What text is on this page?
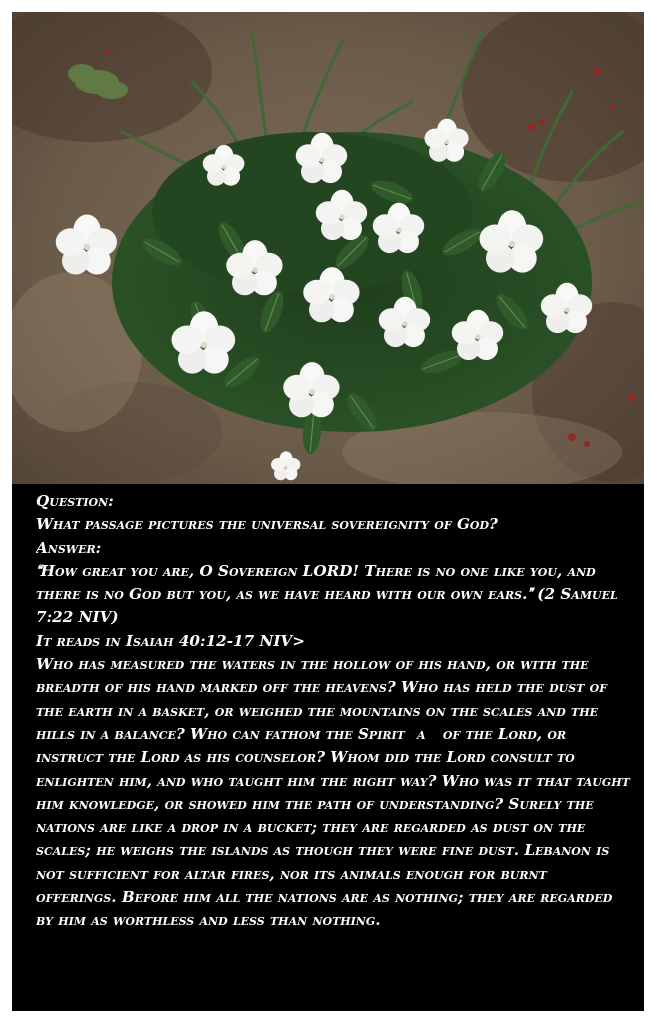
Question:

What passage pictures the universal sovereignity of God?

Answer:

How great you are, O Sovereign LORD! There is no one like you, and there is no God but you, as we have heard with our own ears. (2 Samuel 7:22 NIV)

It reads in Isaiah 40:12-17 NIV>

Who has measured the waters in the hollow of his hand, or with the breadth of his hand marked off the heavens? Who has held the dust of the earth in a basket, or weighed the mountains on the scales and the hills in a balance? Who can fathom the Spirita of the Lord, or instruct the Lord as his counselor? Whom did the Lord consult to enlighten him, and who taught him the right way? Who was it that taught him knowledge, or showed him the path of understanding? Surely the nations are like a drop in a bucket; they are regarded as dust on the scales; he weighs the islands as though they were fine dust. Lebanon is not sufficient for altar fires, nor its animals enough for burnt offerings. Before him all the nations are as nothing; they are regarded by him as worthless and less than nothing.
